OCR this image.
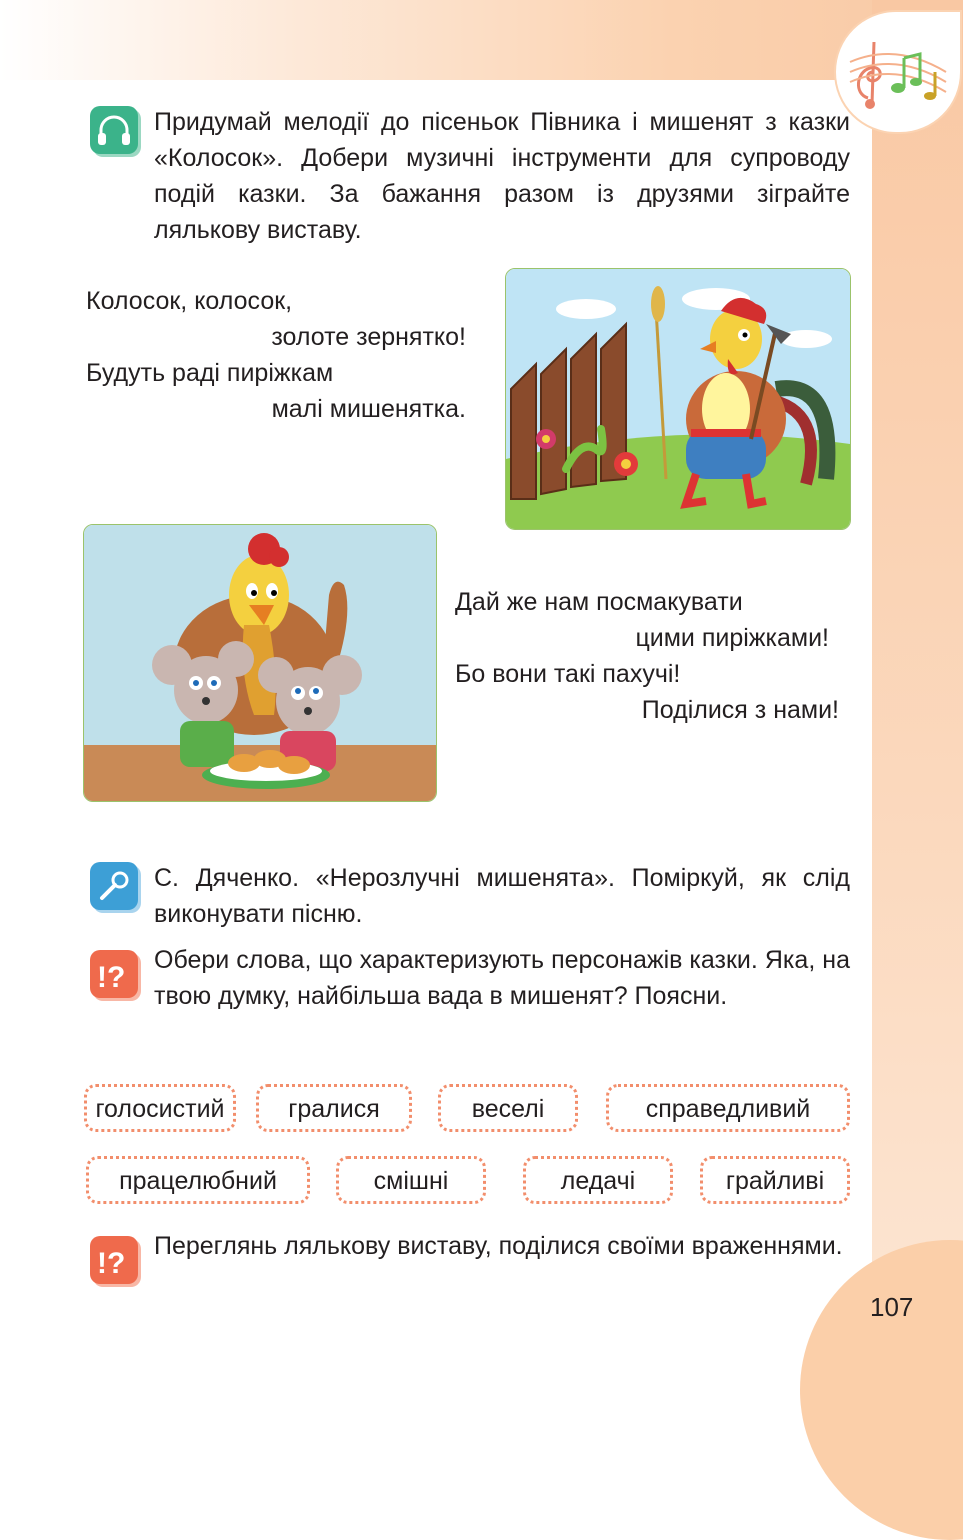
Придумай мелодії до пісеньок Півника і мишенят з казки «Колосок». Добери музичні інструменти для супроводу подій казки. За бажання разом із друзями зіграйте лялькову виставу.
Колосок, колосок,
золоте зернятко!
Будуть раді пиріжкам
малі мишенятка.
Дай же нам посмакувати
цими пиріжками!
Бо вони такі пахучі!
Поділися з нами!
С. Дяченко. «Нерозлучні мишенята». Поміркуй, як слід виконувати пісню.
!?
Обери слова, що характеризують персонажів казки. Яка, на твою думку, найбільша вада в мишенят? Поясни.
голосистий	гралися	веселі	справедливий
працелюбний	смішні	ледачі	грайливі
!?
Переглянь лялькову виставу, поділися своїми враженнями.
107
